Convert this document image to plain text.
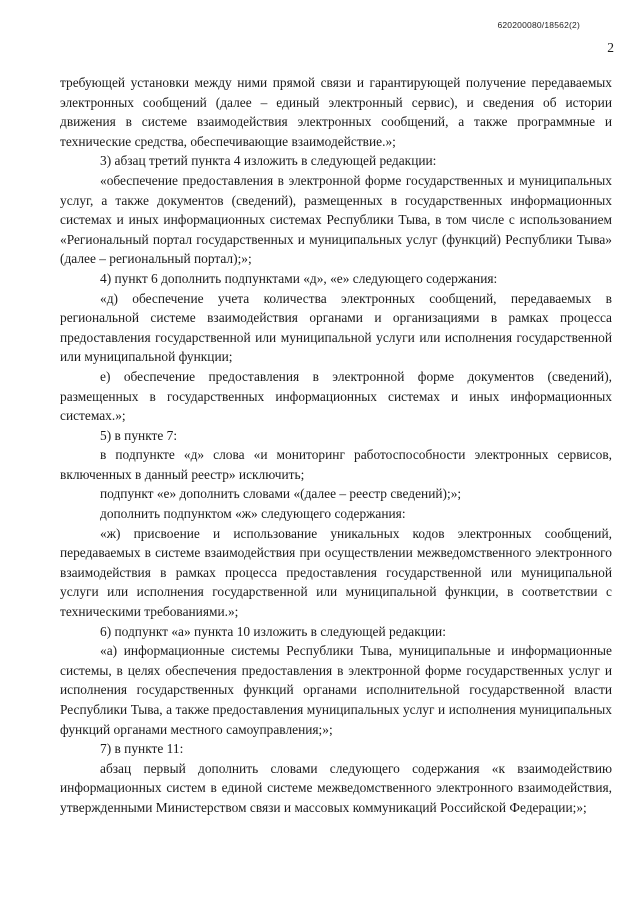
620200080/18562(2)
2

требующей установки между ними прямой связи и гарантирующей получение передаваемых электронных сообщений (далее – единый электронный сервис), и сведения об истории движения в системе взаимодействия электронных сообщений, а также программные и технические средства, обеспечивающие взаимодействие.»;

3) абзац третий пункта 4 изложить в следующей редакции:

«обеспечение предоставления в электронной форме государственных и муниципальных услуг, а также документов (сведений), размещенных в государственных информационных системах и иных информационных системах Республики Тыва, в том числе с использованием «Региональный портал государственных и муниципальных услуг (функций) Республики Тыва» (далее – региональный портал);»;

4) пункт 6 дополнить подпунктами «д», «е» следующего содержания:

«д) обеспечение учета количества электронных сообщений, передаваемых в региональной системе взаимодействия органами и организациями в рамках процесса предоставления государственной или муниципальной услуги или исполнения государственной или муниципальной функции;

е) обеспечение предоставления в электронной форме документов (сведений), размещенных в государственных информационных системах и иных информационных системах.»;

5) в пункте 7:

в подпункте «д» слова «и мониторинг работоспособности электронных сервисов, включенных в данный реестр» исключить;

подпункт «е» дополнить словами «(далее – реестр сведений);»;

дополнить подпунктом «ж» следующего содержания:

«ж) присвоение и использование уникальных кодов электронных сообщений, передаваемых в системе взаимодействия при осуществлении межведомственного электронного взаимодействия в рамках процесса предоставления государственной или муниципальной услуги или исполнения государственной или муниципальной функции, в соответствии с техническими требованиями.»;

6) подпункт «а» пункта 10 изложить в следующей редакции:

«а) информационные системы Республики Тыва, муниципальные и информационные системы, в целях обеспечения предоставления в электронной форме государственных услуг и исполнения государственных функций органами исполнительной государственной власти Республики Тыва, а также предоставления муниципальных услуг и исполнения муниципальных функций органами местного самоуправления;»;

7) в пункте 11:

абзац первый дополнить словами следующего содержания «к взаимодействию информационных систем в единой системе межведомственного электронного взаимодействия, утвержденными Министерством связи и массовых коммуникаций Российской Федерации;»;
